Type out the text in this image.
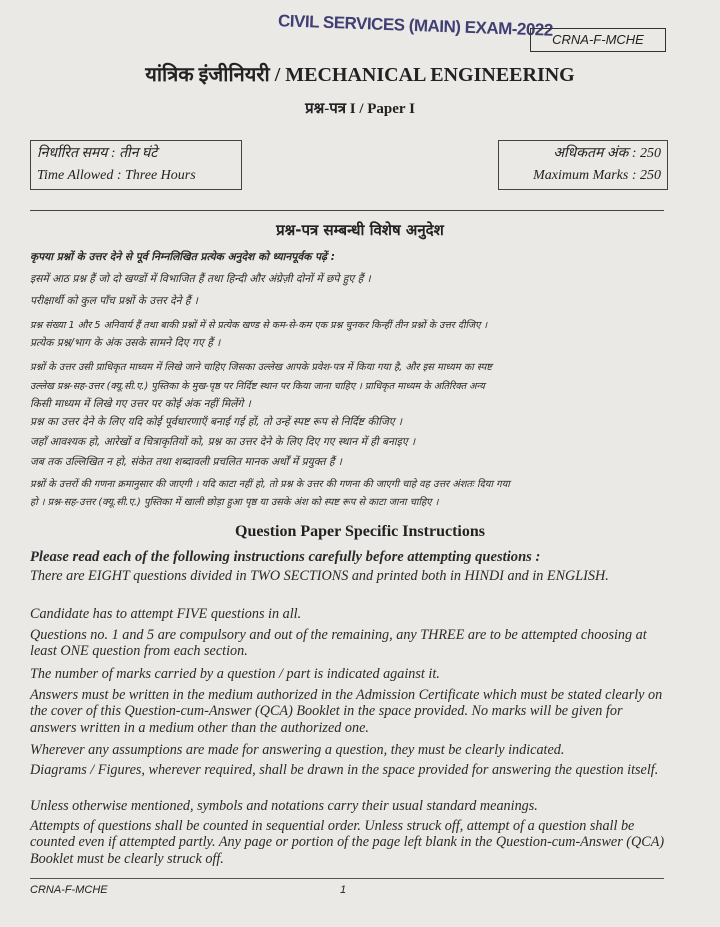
CIVIL SERVICES (MAIN) EXAM-2022 CRNA-F-MCHE
यांत्रिक इंजीनियरी / MECHANICAL ENGINEERING
प्रश्न-पत्र I / Paper I
निर्धारित समय : तीन घंटे
Time Allowed : Three Hours
अधिकतम अंक : 250
Maximum Marks : 250
प्रश्न-पत्र सम्बन्धी विशेष अनुदेश
कृपया प्रश्नों के उत्तर देने से पूर्व निम्नलिखित प्रत्येक अनुदेश को ध्यानपूर्वक पढ़ें :
इसमें आठ प्रश्न हैं जो दो खण्डों में विभाजित हैं तथा हिन्दी और अंग्रेज़ी दोनों में छपे हुए हैं ।
परीक्षार्थी को कुल पाँच प्रश्नों के उत्तर देने हैं ।
प्रश्न संख्या 1 और 5 अनिवार्य हैं तथा बाकी प्रश्नों में से प्रत्येक खण्ड से कम-से-कम एक प्रश्न चुनकर किन्हीं तीन प्रश्नों के उत्तर दीजिए ।
प्रत्येक प्रश्न/भाग के अंक उसके सामने दिए गए हैं ।
प्रश्नों के उत्तर उसी प्राधिकृत माध्यम में लिखे जाने चाहिए जिसका उल्लेख आपके प्रवेश-पत्र में किया गया है, और इस माध्यम का स्पष्ट
उल्लेख प्रश्न-सह-उत्तर (क्यू.सी.ए.) पुस्तिका के मुख-पृष्ठ पर निर्दिष्ट स्थान पर किया जाना चाहिए । प्राधिकृत माध्यम के अतिरिक्त अन्य
किसी माध्यम में लिखे गए उत्तर पर कोई अंक नहीं मिलेंगे ।
प्रश्न का उत्तर देने के लिए यदि कोई पूर्वधारणाएँ बनाई गई हों, तो उन्हें स्पष्ट रूप से निर्दिष्ट कीजिए ।
जहाँ आवश्यक हो, आरेखों व चित्राकृतियों को, प्रश्न का उत्तर देने के लिए दिए गए स्थान में ही बनाइए ।
जब तक उल्लिखित न हो, संकेत तथा शब्दावली प्रचलित मानक अर्थों में प्रयुक्त हैं ।
प्रश्नों के उत्तरों की गणना क्रमानुसार की जाएगी । यदि काटा नहीं हो, तो प्रश्न के उत्तर की गणना की जाएगी चाहे वह उत्तर अंशतः दिया गया
हो । प्रश्न-सह-उत्तर (क्यू.सी.ए.) पुस्तिका में खाली छोड़ा हुआ पृष्ठ या उसके अंश को स्पष्ट रूप से काटा जाना चाहिए ।
Question Paper Specific Instructions
Please read each of the following instructions carefully before attempting questions :
There are EIGHT questions divided in TWO SECTIONS and printed both in HINDI and in ENGLISH.
Candidate has to attempt FIVE questions in all.
Questions no. 1 and 5 are compulsory and out of the remaining, any THREE are to be attempted choosing at least ONE question from each section.
The number of marks carried by a question / part is indicated against it.
Answers must be written in the medium authorized in the Admission Certificate which must be stated clearly on the cover of this Question-cum-Answer (QCA) Booklet in the space provided. No marks will be given for answers written in a medium other than the authorized one.
Wherever any assumptions are made for answering a question, they must be clearly indicated.
Diagrams / Figures, wherever required, shall be drawn in the space provided for answering the question itself.
Unless otherwise mentioned, symbols and notations carry their usual standard meanings.
Attempts of questions shall be counted in sequential order. Unless struck off, attempt of a question shall be counted even if attempted partly. Any page or portion of the page left blank in the Question-cum-Answer (QCA) Booklet must be clearly struck off.
CRNA-F-MCHE	1
